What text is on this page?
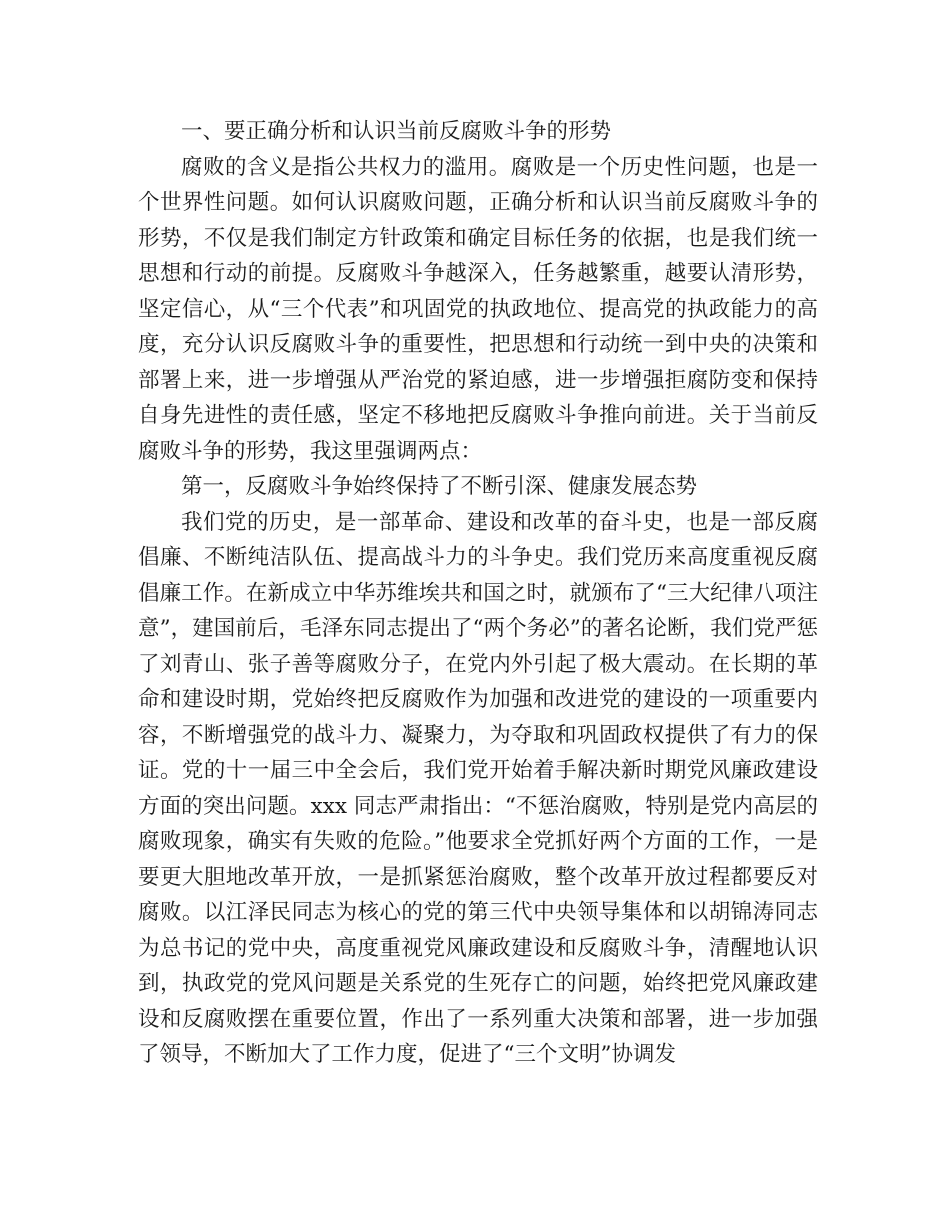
一、要正确分析和认识当前反腐败斗争的形势

腐败的含义是指公共权力的滥用。腐败是一个历史性问题，也是一个世界性问题。如何认识腐败问题，正确分析和认识当前反腐败斗争的形势，不仅是我们制定方针政策和确定目标任务的依据，也是我们统一思想和行动的前提。反腐败斗争越深入，任务越繁重，越要认清形势，坚定信心，从“三个代表”和巩固党的执政地位、提高党的执政能力的高度，充分认识反腐败斗争的重要性，把思想和行动统一到中央的决策和部署上来，进一步增强从严治党的紧迫感，进一步增强拒腐防变和保持自身先进性的责任感，坚定不移地把反腐败斗争推向前进。关于当前反腐败斗争的形势，我这里强调两点：

第一，反腐败斗争始终保持了不断引深、健康发展态势

我们党的历史，是一部革命、建设和改革的奋斗史，也是一部反腐倡廉、不断纯洁队伍、提高战斗力的斗争史。我们党历来高度重视反腐倡廉工作。在新成立中华苏维埃共和国之时，就颁布了“三大纪律八项注意”，建国前后，毛泽东同志提出了“两个务必”的著名论断，我们党严惩了刘青山、张子善等腐败分子，在党内外引起了极大震动。在长期的革命和建设时期，党始终把反腐败作为加强和改进党的建设的一项重要内容，不断增强党的战斗力、凝聚力，为夺取和巩固政权提供了有力的保证。党的十一届三中全会后，我们党开始着手解决新时期党风廉政建设方面的突出问题。xxx 同志严肃指出：“不惩治腐败，特别是党内高层的腐败现象，确实有失败的危险。”他要求全党抓好两个方面的工作，一是要更大胆地改革开放，一是抓紧惩治腐败，整个改革开放过程都要反对腐败。以江泽民同志为核心的党的第三代中央领导集体和以胡锦涛同志为总书记的党中央，高度重视党风廉政建设和反腐败斗争，清醒地认识到，执政党的党风问题是关系党的生死存亡的问题，始终把党风廉政建设和反腐败摆在重要位置，作出了一系列重大决策和部署，进一步加强了领导，不断加大了工作力度，促进了“三个文明”协调发
